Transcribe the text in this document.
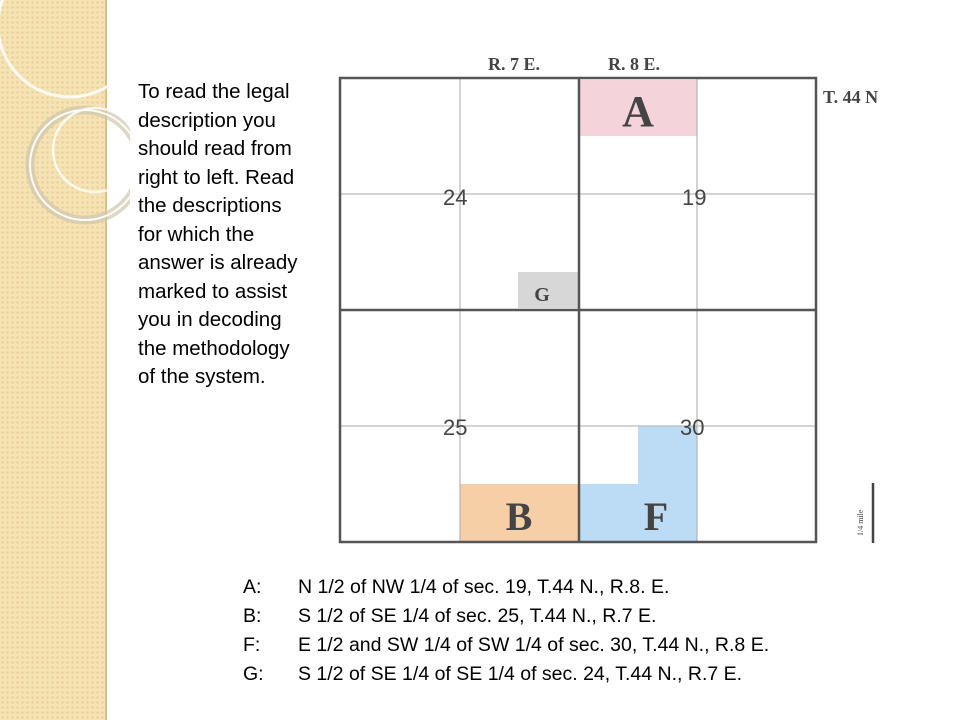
To read the legal description you should read from right to left. Read the descriptions for which the answer is already marked to assist you in decoding the methodology of the system.
R. 7 E.	R. 8 E.
T. 44 N
24	19
25	30
A
G
B	F	1/4 mile
A:	N 1/2 of NW 1/4 of sec. 19, T.44 N., R.8. E.
B:	S 1/2 of SE 1/4 of sec. 25, T.44 N., R.7 E.
F:	E 1/2 and SW 1/4 of SW 1/4 of sec. 30, T.44 N., R.8 E.
G:	S 1/2 of SE 1/4 of SE 1/4 of sec. 24, T.44 N., R.7 E.
